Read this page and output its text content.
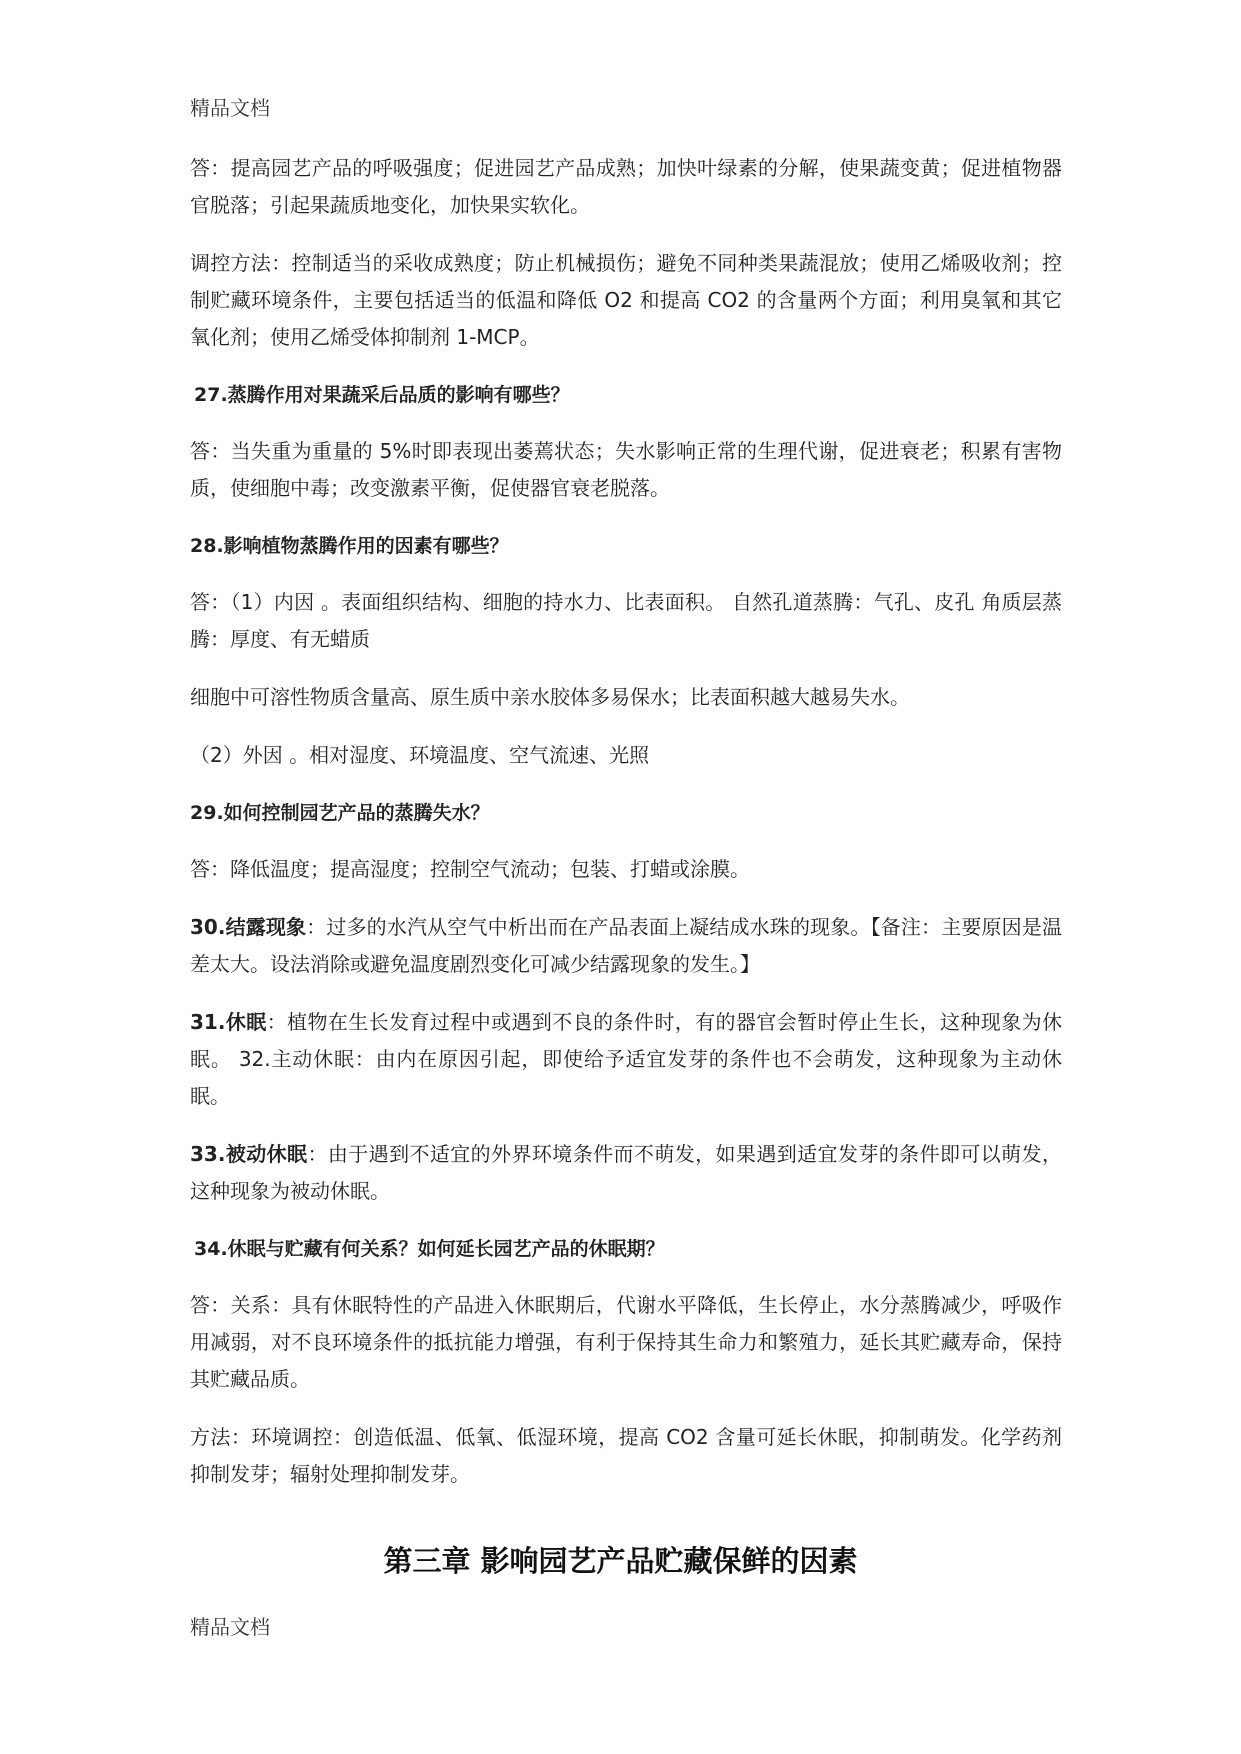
精品文档

答：提高园艺产品的呼吸强度；促进园艺产品成熟；加快叶绿素的分解，使果蔬变黄；促进植物器官脱落；引起果蔬质地变化，加快果实软化。

调控方法：控制适当的采收成熟度；防止机械损伤；避免不同种类果蔬混放；使用乙烯吸收剂；控制贮藏环境条件，主要包括适当的低温和降低 O2 和提高 CO2 的含量两个方面；利用臭氧和其它氧化剂；使用乙烯受体抑制剂 1-MCP。

27.蒸腾作用对果蔬采后品质的影响有哪些？

答：当失重为重量的 5%时即表现出萎蔫状态；失水影响正常的生理代谢，促进衰老；积累有害物质，使细胞中毒；改变激素平衡，促使器官衰老脱落。

28.影响植物蒸腾作用的因素有哪些？

答：（1）内因 。表面组织结构、细胞的持水力、比表面积。 自然孔道蒸腾：气孔、皮孔 角质层蒸腾：厚度、有无蜡质

细胞中可溶性物质含量高、原生质中亲水胶体多易保水；比表面积越大越易失水。

（2）外因 。相对湿度、环境温度、空气流速、光照

29.如何控制园艺产品的蒸腾失水？

答：降低温度；提高湿度；控制空气流动；包装、打蜡或涂膜。

30.结露现象：过多的水汽从空气中析出而在产品表面上凝结成水珠的现象。【备注：主要原因是温差太大。设法消除或避免温度剧烈变化可减少结露现象的发生。】

31.休眠：植物在生长发育过程中或遇到不良的条件时，有的器官会暂时停止生长，这种现象为休眠。 32.主动休眠：由内在原因引起，即使给予适宜发芽的条件也不会萌发，这种现象为主动休眠。

33.被动休眠：由于遇到不适宜的外界环境条件而不萌发，如果遇到适宜发芽的条件即可以萌发，这种现象为被动休眠。

34.休眠与贮藏有何关系？如何延长园艺产品的休眠期？

答：关系：具有休眠特性的产品进入休眠期后，代谢水平降低，生长停止，水分蒸腾减少，呼吸作用减弱，对不良环境条件的抵抗能力增强，有利于保持其生命力和繁殖力，延长其贮藏寿命，保持其贮藏品质。

方法：环境调控：创造低温、低氧、低湿环境，提高 CO2 含量可延长休眠，抑制萌发。化学药剂抑制发芽；辐射处理抑制发芽。

第三章 影响园艺产品贮藏保鲜的因素
精品文档
